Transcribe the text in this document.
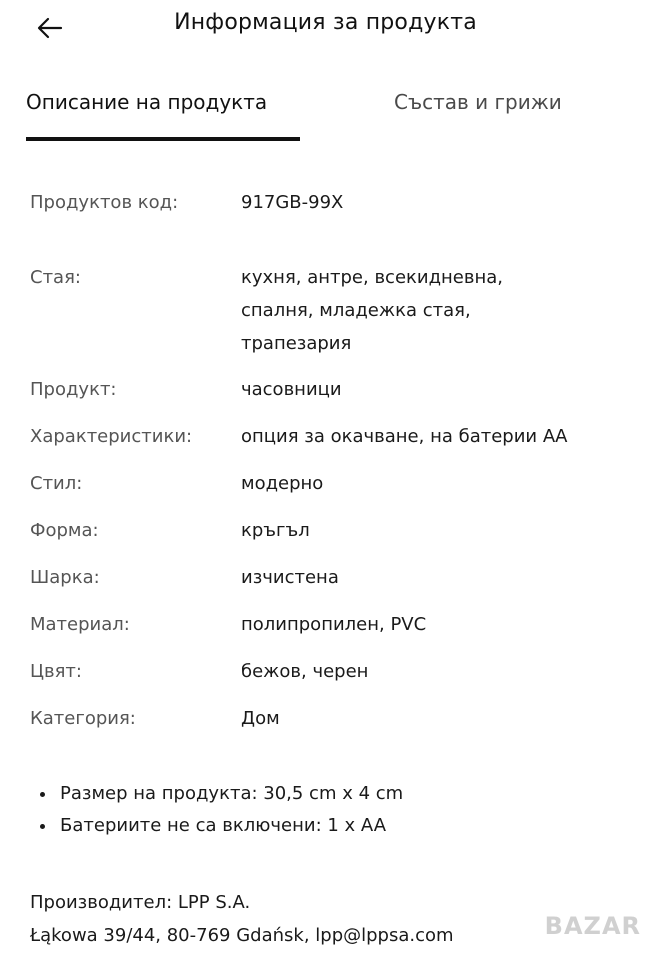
Информация за продукта
Описание на продукта	Състав и грижи
Продуктов код:	917GB-99X
Стая:	кухня, антре, всекидневна,
спалня, младежка стая,
трапезария
Продукт:	часовници
Характеристики:	опция за окачване, на батерии АА
Стил:	модерно
Форма:	кръгъл
Шарка:	изчистена
Материал:	полипропилен, PVC
Цвят:	бежов, черен
Категория:	Дом
Размер на продукта: 30,5 cm x 4 cm
Батериите не са включени: 1 x AA
Производител: LPP S.A.
Łąkowa 39/44, 80-769 Gdańsk, lpp@lppsa.com	BAZAR
